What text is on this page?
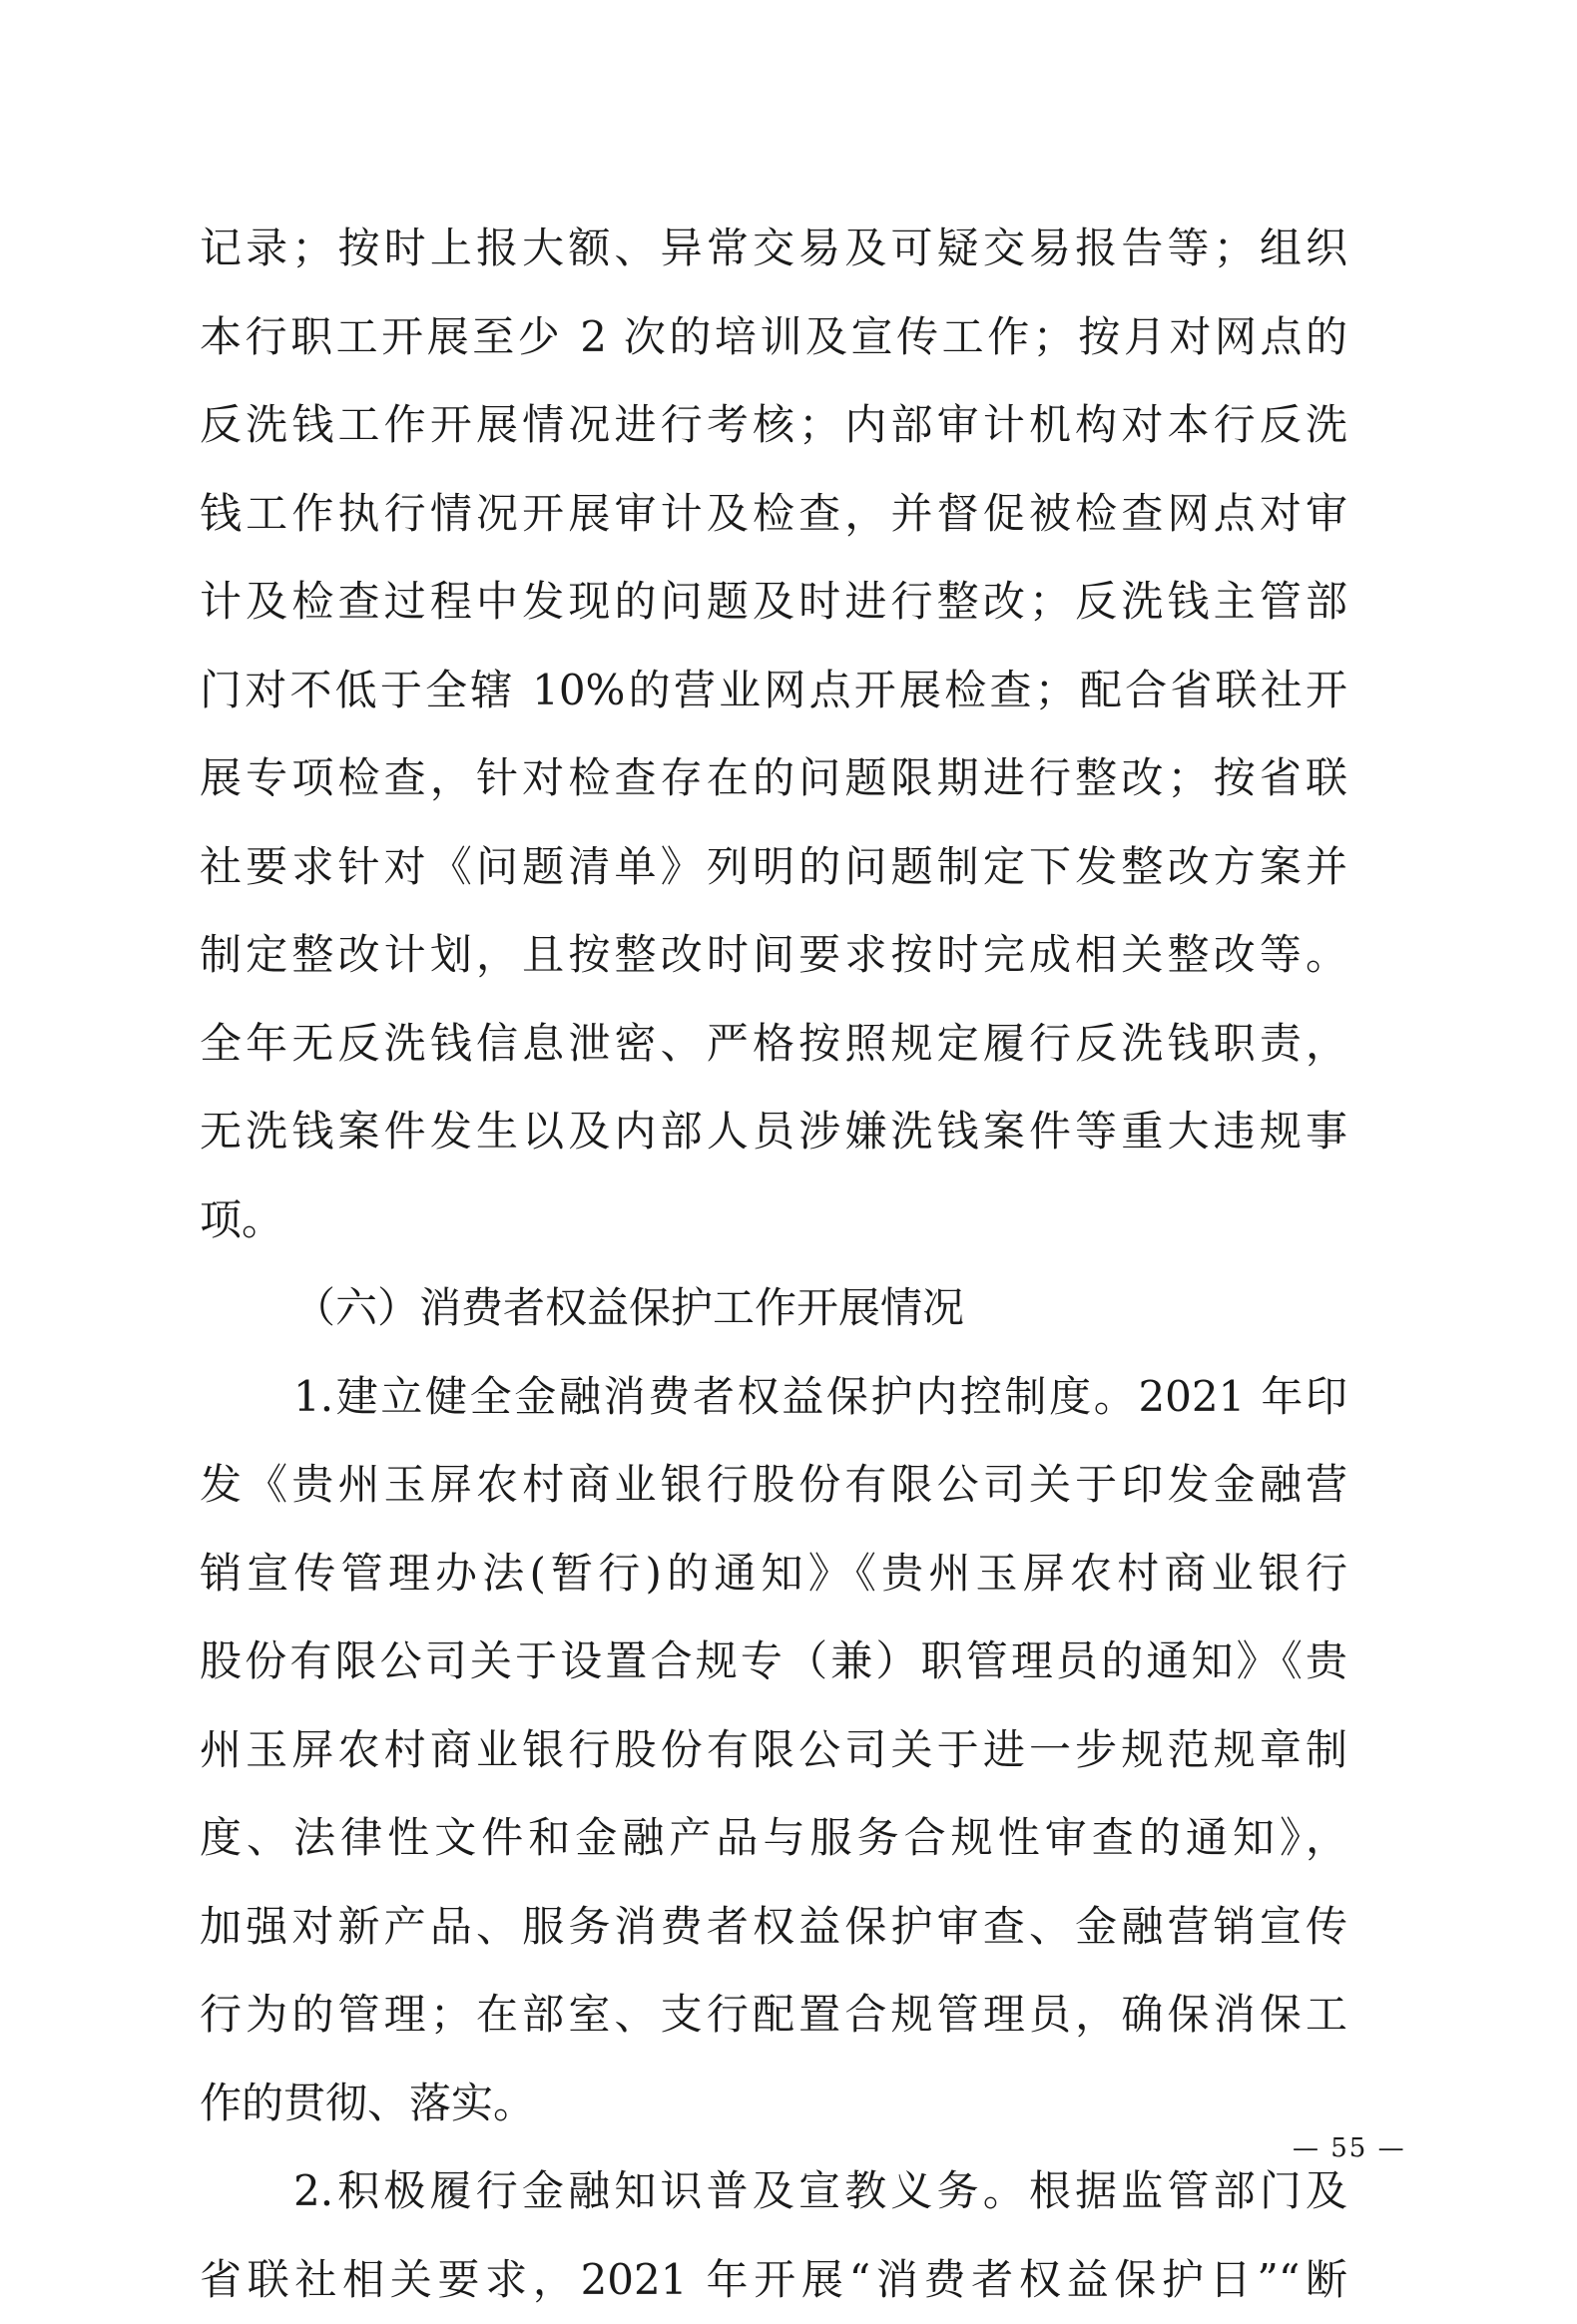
记录；按时上报大额、异常交易及可疑交易报告等；组织
本行职工开展至少 2 次的培训及宣传工作；按月对网点的
反洗钱工作开展情况进行考核；内部审计机构对本行反洗
钱工作执行情况开展审计及检查，并督促被检查网点对审
计及检查过程中发现的问题及时进行整改；反洗钱主管部
门对不低于全辖 10%的营业网点开展检查；配合省联社开
展专项检查，针对检查存在的问题限期进行整改；按省联
社要求针对《问题清单》列明的问题制定下发整改方案并
制定整改计划，且按整改时间要求按时完成相关整改等。
全年无反洗钱信息泄密、严格按照规定履行反洗钱职责，
无洗钱案件发生以及内部人员涉嫌洗钱案件等重大违规事
项。
（六）消费者权益保护工作开展情况
1.建立健全金融消费者权益保护内控制度。2021 年印
发《贵州玉屏农村商业银行股份有限公司关于印发金融营
销宣传管理办法(暂行)的通知》《贵州玉屏农村商业银行
股份有限公司关于设置合规专（兼）职管理员的通知》《贵
州玉屏农村商业银行股份有限公司关于进一步规范规章制
度、法律性文件和金融产品与服务合规性审查的通知》，
加强对新产品、服务消费者权益保护审查、金融营销宣传
行为的管理；在部室、支行配置合规管理员，确保消保工
作的贯彻、落实。
2.积极履行金融知识普及宣教义务。根据监管部门及
省联社相关要求，2021 年开展“消费者权益保护日”“断
— 55 —
